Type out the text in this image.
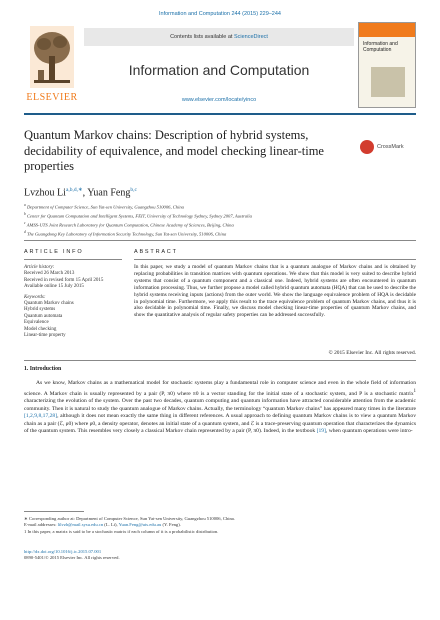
Information and Computation 244 (2015) 229–244
ELSEVIER
Contents lists available at ScienceDirect
Information and Computation
www.elsevier.com/locate/yinco
Information and Computation
Quantum Markov chains: Description of hybrid systems, decidability of equivalence, and model checking linear-time properties
CrossMark
Lvzhou $Li^{a,b,d,∗}$, Yuan Feng$^{b,c}$
$^a$ Department of Computer Science, Sun Yat-sen University, Guangzhou 510006, China
$^b$ Center for Quantum Computation and Intelligent Systems, FEIT, University of Technology Sydney, Sydney 2007, Australia
$^c$ AMSS-UTS Joint Research Laboratory for Quantum Computation, Chinese Academy of Sciences, Beijing, China
$^d$ The Guangdong Key Laboratory of Information Security Technology, Sun Yat-sen University, 510006, China
ARTICLE INFO	ABSTRACT
Article history:
Received 26 March 2013
Received in revised form 15 April 2015
Available online 15 July 2015
Keywords:
Quantum Markov chains
Hybrid systems
Quantum automata
Equivalence
Model checking
Linear-time property
In this paper, we study a model of quantum Markov chains that is a quantum analogue of Markov chains and is obtained by replacing probabilities in transition matrices with quantum operations. We show that this model is very suited to describe hybrid systems that consist of a quantum component and a classical one. Indeed, hybrid systems are often encountered in quantum information processing. Thus, we further propose a model called hybrid quantum automata (HQA) that can be used to describe the hybrid systems receiving inputs (actions) from the outer world. We show the language equivalence problem of HQA is decidable in polynomial time. Furthermore, we apply this result to the trace equivalence problem of quantum Markov chains, and thus it is also decidable in polynomial time. Finally, we discuss model checking linear-time properties of quantum Markov chains, and show the quantitative analysis of regular safety properties can be addressed successfully.
© 2015 Elsevier Inc. All rights reserved.
1. Introduction
As we know, Markov chains as a mathematical model for stochastic systems play a fundamental role in computer science and even in the whole field of information science. A Markov chain is usually represented by a pair (P, π0) where π0 is a vector standing for the initial state of a stochastic system, and P is a stochastic matrix$^1$ characterizing the evolution of the system. Over the past two decades, quantum computing and quantum information have attracted considerable attention from the academic community. Then it is natural to study the quantum analogue of Markov chains. Actually, the terminology “quantum Markov chains” has appeared many times in the literature [1,2,9,8,17,28], although it does not mean exactly the same thing in different references. A usual approach to defining quantum Markov chains is to view a quantum Markov chain as a pair (ℰ, ρ0) where ρ0, a density operator, denotes an initial state of a quantum system, and ℰ is a trace-preserving quantum operation that characterizes the dynamics of the quantum system. This resembles very closely a classical Markov chain represented by a pair (P, π0). Indeed, in the textbook [19], when quantum operations were intro-
∗ Corresponding author at: Department of Computer Science, Sun Yat-sen University, Guangzhou 510006, China.
E-mail addresses: lilvzh@mail.sysu.edu.cn (L. Li), Yuan.Feng@uts.edu.au (Y. Feng).
1 In this paper, a matrix is said to be a stochastic matrix if each column of it is a probabilistic distribution.
http://dx.doi.org/10.1016/j.ic.2015.07.001
0890-5401/© 2015 Elsevier Inc. All rights reserved.
